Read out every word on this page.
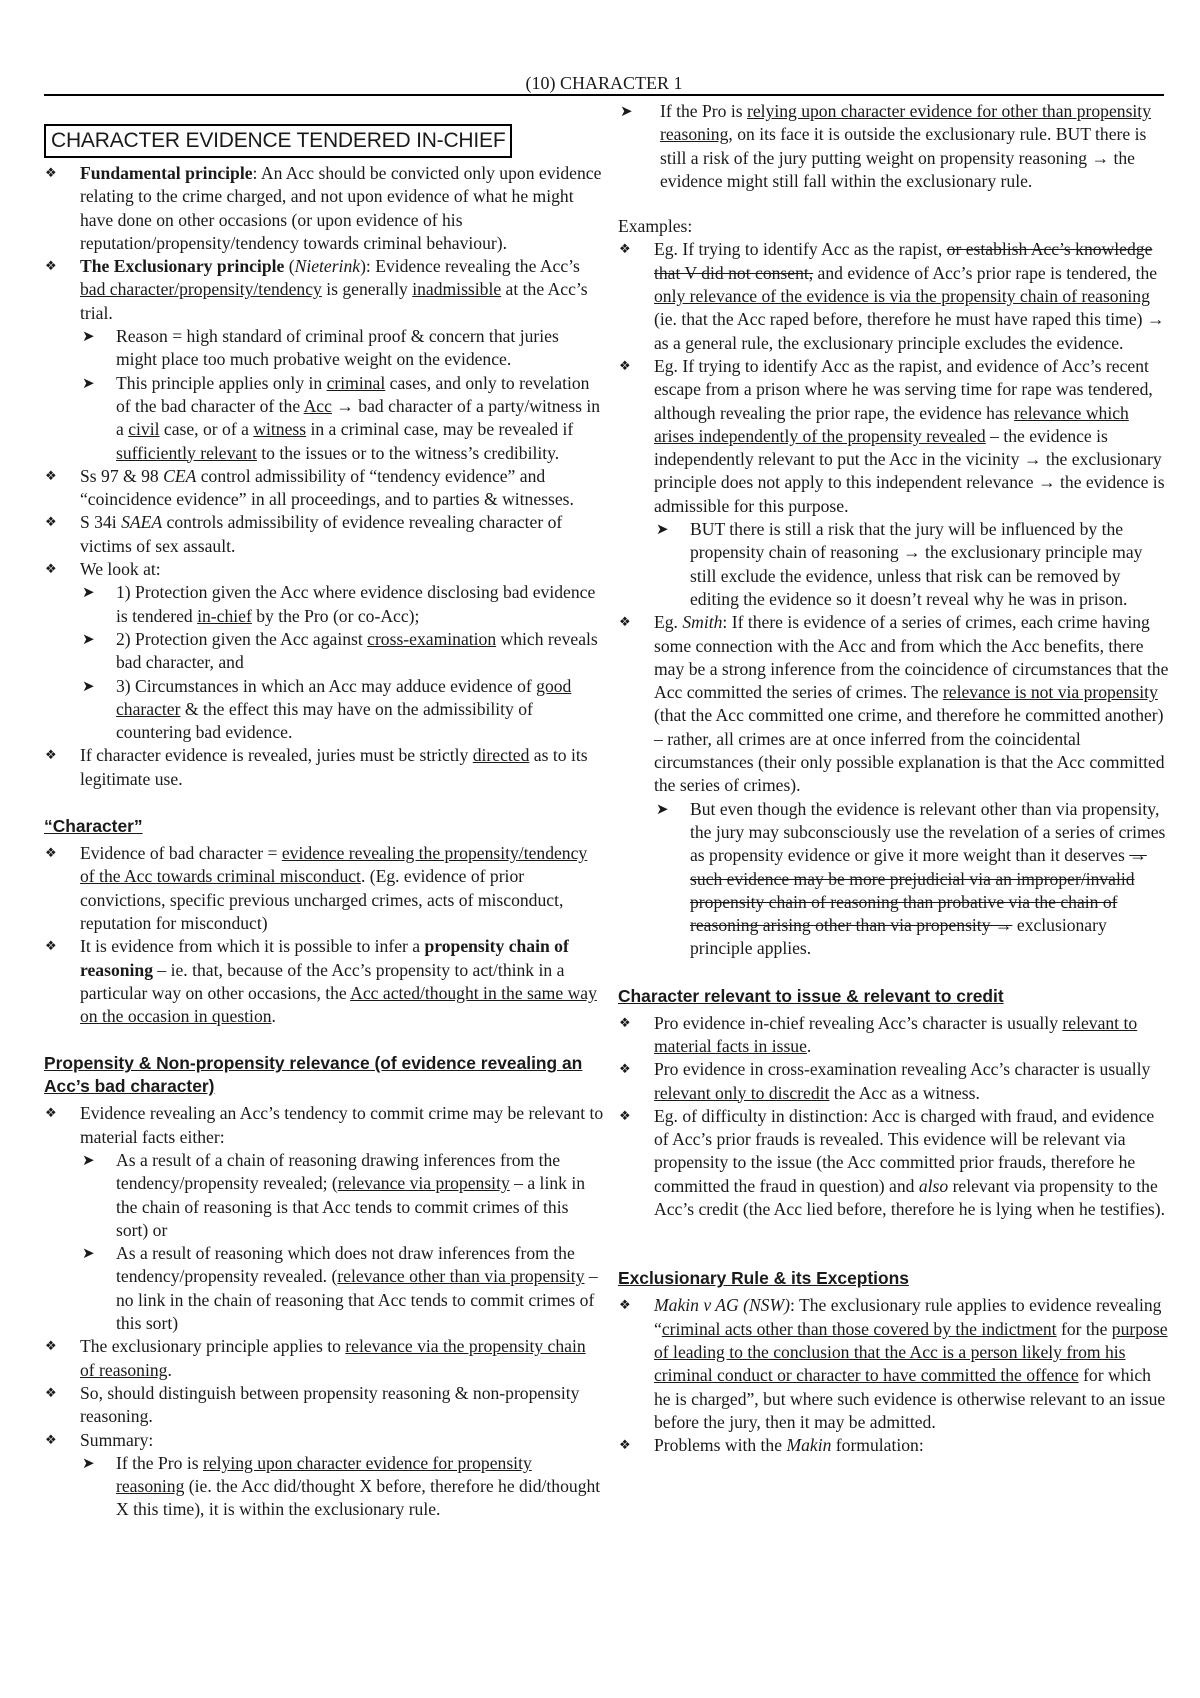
(10) CHARACTER 1
CHARACTER EVIDENCE TENDERED IN-CHIEF
❖ Fundamental principle: An Acc should be convicted only upon evidence relating to the crime charged, and not upon evidence of what he might have done on other occasions (or upon evidence of his reputation/propensity/tendency towards criminal behaviour).
❖ The Exclusionary principle (Nieterink): Evidence revealing the Acc’s bad character/propensity/tendency is generally inadmissible at the Acc’s trial.
➤ Reason = high standard of criminal proof & concern that juries might place too much probative weight on the evidence.
➤ This principle applies only in criminal cases, and only to revelation of the bad character of the Acc → bad character of a party/witness in a civil case, or of a witness in a criminal case, may be revealed if sufficiently relevant to the issues or to the witness’s credibility.
❖ Ss 97 & 98 CEA control admissibility of “tendency evidence” and “coincidence evidence” in all proceedings, and to parties & witnesses.
❖ S 34i SAEA controls admissibility of evidence revealing character of victims of sex assault.
❖ We look at:
➤ 1) Protection given the Acc where evidence disclosing bad evidence is tendered in-chief by the Pro (or co-Acc);
➤ 2) Protection given the Acc against cross-examination which reveals bad character, and
➤ 3) Circumstances in which an Acc may adduce evidence of good character & the effect this may have on the admissibility of countering bad evidence.
❖ If character evidence is revealed, juries must be strictly directed as to its legitimate use.
“Character”
❖ Evidence of bad character = evidence revealing the propensity/tendency of the Acc towards criminal misconduct. (Eg. evidence of prior convictions, specific previous uncharged crimes, acts of misconduct, reputation for misconduct)
❖ It is evidence from which it is possible to infer a propensity chain of reasoning – ie. that, because of the Acc’s propensity to act/think in a particular way on other occasions, the Acc acted/thought in the same way on the occasion in question.
Propensity & Non-propensity relevance (of evidence revealing an Acc’s bad character)
❖ Evidence revealing an Acc’s tendency to commit crime may be relevant to material facts either:
➤ As a result of a chain of reasoning drawing inferences from the tendency/propensity revealed; (relevance via propensity – a link in the chain of reasoning is that Acc tends to commit crimes of this sort) or
➤ As a result of reasoning which does not draw inferences from the tendency/propensity revealed. (relevance other than via propensity – no link in the chain of reasoning that Acc tends to commit crimes of this sort)
❖ The exclusionary principle applies to relevance via the propensity chain of reasoning.
❖ So, should distinguish between propensity reasoning & non-propensity reasoning.
❖ Summary:
➤ If the Pro is relying upon character evidence for propensity reasoning (ie. the Acc did/thought X before, therefore he did/thought X this time), it is within the exclusionary rule.
➤ If the Pro is relying upon character evidence for other than propensity reasoning, on its face it is outside the exclusionary rule. BUT there is still a risk of the jury putting weight on propensity reasoning → the evidence might still fall within the exclusionary rule.
Examples:
❖ Eg. If trying to identify Acc as the rapist, or establish Acc’s knowledge that V did not consent, and evidence of Acc’s prior rape is tendered, the only relevance of the evidence is via the propensity chain of reasoning (ie. that the Acc raped before, therefore he must have raped this time) → as a general rule, the exclusionary principle excludes the evidence.
❖ Eg. If trying to identify Acc as the rapist, and evidence of Acc’s recent escape from a prison where he was serving time for rape was tendered, although revealing the prior rape, the evidence has relevance which arises independently of the propensity revealed – the evidence is independently relevant to put the Acc in the vicinity → the exclusionary principle does not apply to this independent relevance → the evidence is admissible for this purpose.
➤ BUT there is still a risk that the jury will be influenced by the propensity chain of reasoning → the exclusionary principle may still exclude the evidence, unless that risk can be removed by editing the evidence so it doesn’t reveal why he was in prison.
❖ Eg. Smith: If there is evidence of a series of crimes, each crime having some connection with the Acc and from which the Acc benefits, there may be a strong inference from the coincidence of circumstances that the Acc committed the series of crimes. The relevance is not via propensity (that the Acc committed one crime, and therefore he committed another) – rather, all crimes are at once inferred from the coincidental circumstances (their only possible explanation is that the Acc committed the series of crimes).
➤ But even though the evidence is relevant other than via propensity, the jury may subconsciously use the revelation of a series of crimes as propensity evidence or give it more weight than it deserves → such evidence may be more prejudicial via an improper/invalid propensity chain of reasoning than probative via the chain of reasoning arising other than via propensity → exclusionary principle applies.
Character relevant to issue & relevant to credit
❖ Pro evidence in-chief revealing Acc’s character is usually relevant to material facts in issue.
❖ Pro evidence in cross-examination revealing Acc’s character is usually relevant only to discredit the Acc as a witness.
❖ Eg. of difficulty in distinction: Acc is charged with fraud, and evidence of Acc’s prior frauds is revealed. This evidence will be relevant via propensity to the issue (the Acc committed prior frauds, therefore he committed the fraud in question) and also relevant via propensity to the Acc’s credit (the Acc lied before, therefore he is lying when he testifies).
Exclusionary Rule & its Exceptions
❖ Makin v AG (NSW): The exclusionary rule applies to evidence revealing “criminal acts other than those covered by the indictment for the purpose of leading to the conclusion that the Acc is a person likely from his criminal conduct or character to have committed the offence for which he is charged”, but where such evidence is otherwise relevant to an issue before the jury, then it may be admitted.
❖ Problems with the Makin formulation:
